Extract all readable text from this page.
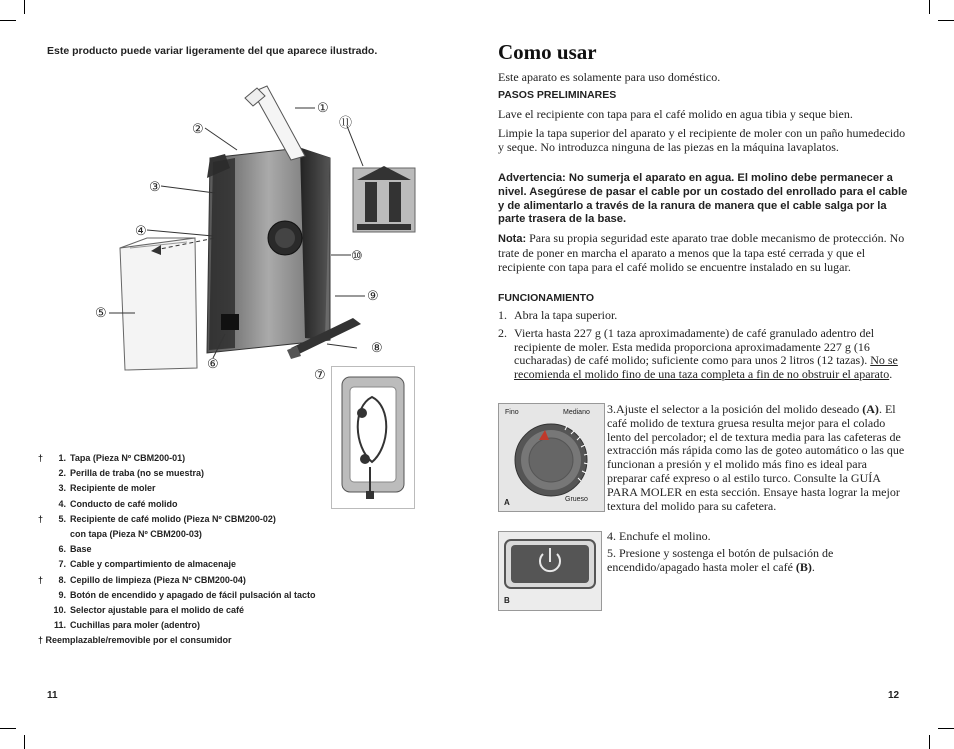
Este producto puede variar ligeramente del que aparece ilustrado.
①
⑪
②
③
④
⑩
⑨
⑤
⑧
⑥
⑦
†	1. Tapa (Pieza Nº CBM200-01)
2. Perilla de traba (no se muestra)
3. Recipiente de moler
4. Conducto de café molido
†	5. Recipiente de café molido (Pieza Nº CBM200-02)
con tapa (Pieza Nº CBM200-03)
6. Base
7. Cable y compartimiento de almacenaje
†	8. Cepillo de limpieza (Pieza Nº CBM200-04)
9. Botón de encendido y apagado de fácil pulsación al tacto
10. Selector ajustable para el molido de café
11. Cuchillas para moler (adentro)
† Reemplazable/removible por el consumidor
11
Como usar
Este aparato es solamente para uso doméstico.
PASOS PRELIMINARES
Lave el recipiente con tapa para el café molido en agua tibia y seque bien.
Limpie la tapa superior del aparato y el recipiente de moler con un paño humedecido y seque. No introduzca ninguna de las piezas en la máquina lavaplatos.
Advertencia: No sumerja el aparato en agua. El molino debe permanecer a nivel. Asegúrese de pasar el cable por un costado del enrollado para el cable y de alimentarlo a través de la ranura de manera que el cable salga por la parte trasera de la base.
Nota: Para su propia seguridad este aparato trae doble mecanismo de protección. No trate de poner en marcha el aparato a menos que la tapa esté cerrada y que el recipiente con tapa para el café molido se encuentre instalado en su lugar.
FUNCIONAMIENTO
1. Abra la tapa superior.
2. Vierta hasta 227 g (1 taza aproximadamente) de café granulado adentro del recipiente de moler. Esta medida proporciona aproximadamente 227 g (16 cucharadas) de café molido; suficiente como para unos 2 litros (12 tazas). No se recomienda el molido fino de una taza completa a fin de no obstruir el aparato.
Fino	Mediano
Grueso
A
3.Ajuste el selector a la posición del molido deseado (A). El café molido de textura gruesa resulta mejor para el colado lento del percolador; el de textura media para las cafeteras de extracción más rápida como las de goteo automático o las que funcionan a presión y el molido más fino es ideal para preparar café expreso o al estilo turco. Consulte la GUÍA PARA MOLER en esta sección. Ensaye hasta lograr la mejor textura del molido para su cafetera.
B
4. Enchufe el molino.
5. Presione y sostenga el botón de pulsación de encendido/apagado hasta moler el café (B).
12
